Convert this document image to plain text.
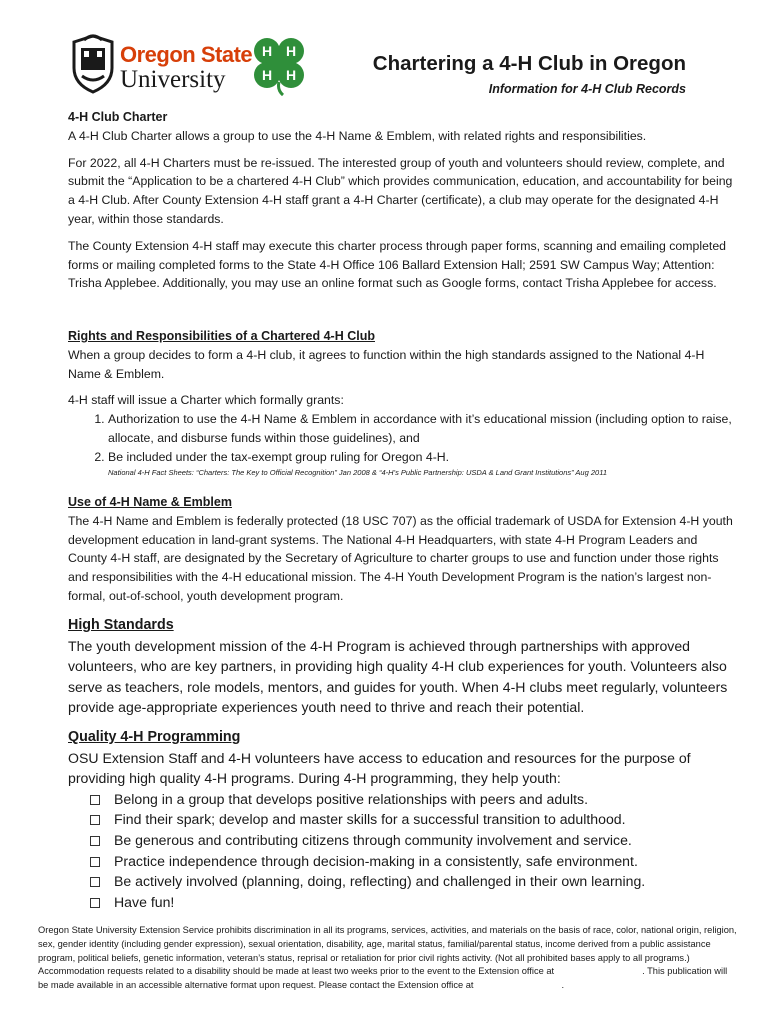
Oregon State
University
H H
H H	Chartering a 4-H Club in Oregon
Information for 4-H Club Records
4-H Club Charter

A 4-H Club Charter allows a group to use the 4-H Name & Emblem, with related rights and responsibilities.

For 2022, all 4-H Charters must be re-issued. The interested group of youth and volunteers should review, complete, and submit the “Application to be a chartered 4-H Club” which provides communication, education, and accountability for being a 4-H Club. After County Extension 4-H staff grant a 4-H Charter (certificate), a club may operate for the designated 4-H year, within those standards.

The County Extension 4-H staff may execute this charter process through paper forms, scanning and emailing completed forms or mailing completed forms to the State 4-H Office 106 Ballard Extension Hall; 2591 SW Campus Way; Attention: Trisha Applebee. Additionally, you may use an online format such as Google forms, contact Trisha Applebee for access.

Rights and Responsibilities of a Chartered 4-H Club

When a group decides to form a 4-H club, it agrees to function within the high standards assigned to the National 4-H Name & Emblem.

4-H staff will issue a Charter which formally grants:

1. Authorization to use the 4-H Name & Emblem in accordance with it’s educational mission (including option to raise, allocate, and disburse funds within those guidelines), and
2. Be included under the tax-exempt group ruling for Oregon 4-H.
National 4-H Fact Sheets: “Charters: The Key to Official Recognition” Jan 2008 & “4-H’s Public Partnership: USDA & Land Grant Institutions” Aug 2011
Use of 4-H Name & Emblem

The 4-H Name and Emblem is federally protected (18 USC 707) as the official trademark of USDA for Extension 4-H youth development education in land-grant systems. The National 4-H Headquarters, with state 4-H Program Leaders and County 4-H staff, are designated by the Secretary of Agriculture to charter groups to use and function under those rights and responsibilities with the 4-H educational mission. The 4-H Youth Development Program is the nation’s largest non-formal, out-of-school, youth development program.

High Standards

The youth development mission of the 4-H Program is achieved through partnerships with approved volunteers, who are key partners, in providing high quality 4-H club experiences for youth. Volunteers also serve as teachers, role models, mentors, and guides for youth. When 4-H clubs meet regularly, volunteers provide age-appropriate experiences youth need to thrive and reach their potential.

Quality 4-H Programming

OSU Extension Staff and 4-H volunteers have access to education and resources for the purpose of providing high quality 4-H programs. During 4-H programming, they help youth:

Belong in a group that develops positive relationships with peers and adults.
Find their spark; develop and master skills for a successful transition to adulthood.
Be generous and contributing citizens through community involvement and service.
Practice independence through decision-making in a consistently, safe environment.
Be actively involved (planning, doing, reflecting) and challenged in their own learning.
Have fun!
Oregon State University Extension Service prohibits discrimination in all its programs, services, activities, and materials on the basis of race, color, national origin, religion, sex, gender identity (including gender expression), sexual orientation, disability, age, marital status, familial/parental status, income derived from a public assistance program, political beliefs, genetic information, veteran’s status, reprisal or retaliation for prior civil rights activity. (Not all prohibited bases apply to all programs.) Accommodation requests related to a disability should be made at least two weeks prior to the event to the Extension office at	. This publication will be made available in an accessible alternative format upon request. Please contact the Extension office at	.
